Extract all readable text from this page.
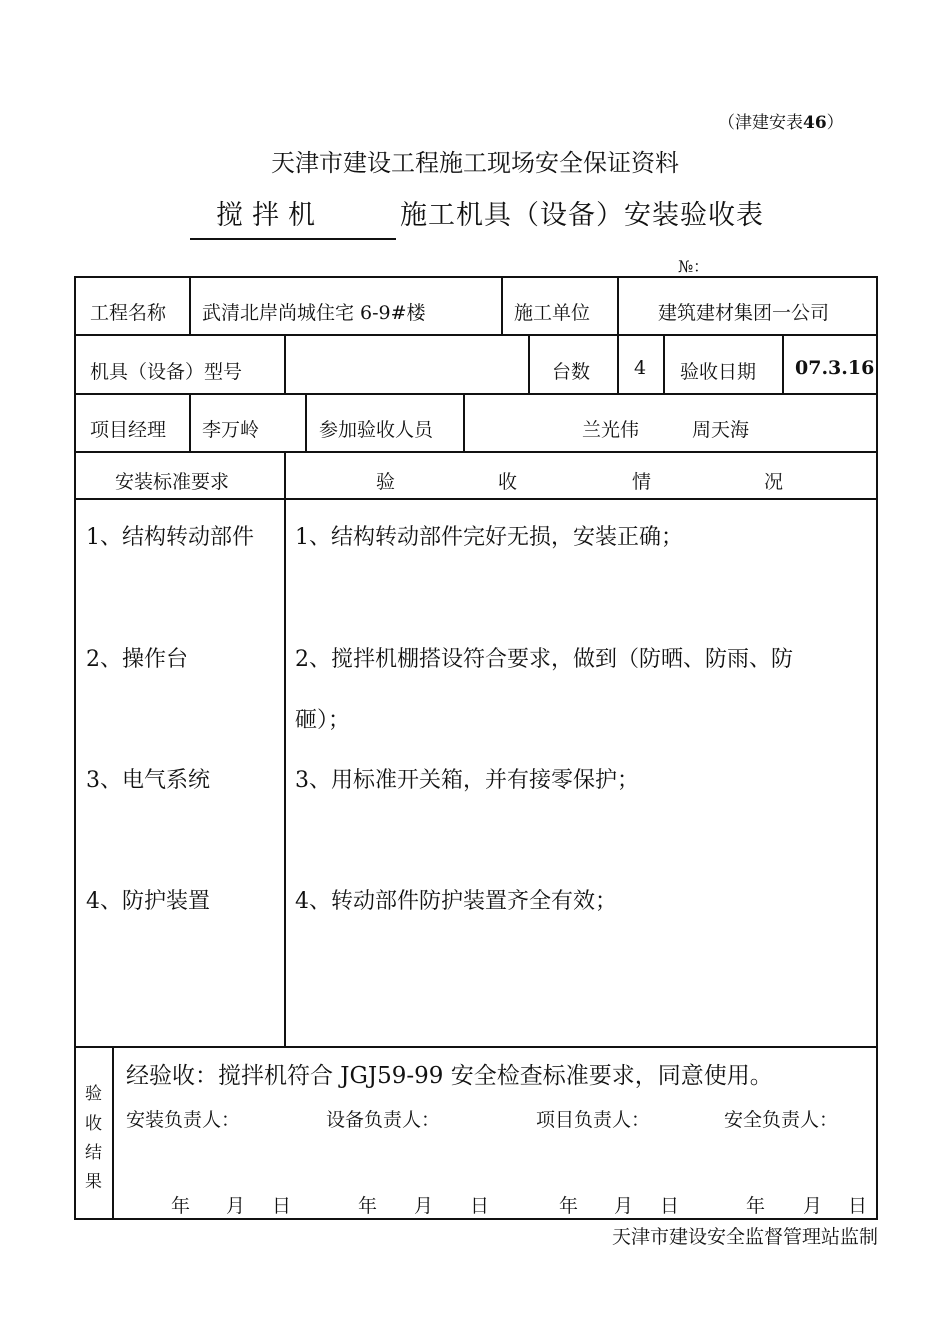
（津建安表46）
天津市建设工程施工现场安全保证资料
搅拌机	施工机具（设备）安装验收表
№：
工程名称 武清北岸尚城住宅 6-9#楼	施工单位	建筑建材集团一公司
机具（设备）型号	台数 4 验收日期 07.3.16
项目经理 李万岭	参加验收人员	兰光伟	周天海
安装标准要求	验	收	情	况
1、结构转动部件 1、结构转动部件完好无损，安装正确；
2、操作台	2、搅拌机棚搭设符合要求，做到（防晒、防雨、防
砸）；
3、电气系统	3、用标准开关箱，并有接零保护；
4、防护装置	4、转动部件防护装置齐全有效；
验
收
结
果
经验收：搅拌机符合 JGJ59-99 安全检查标准要求，同意使用。
安装负责人：	设备负责人：	项目负责人：	安全负责人：
年 月 日	年 月 日	年 月 日	年 月 日
天津市建设安全监督管理站监制
